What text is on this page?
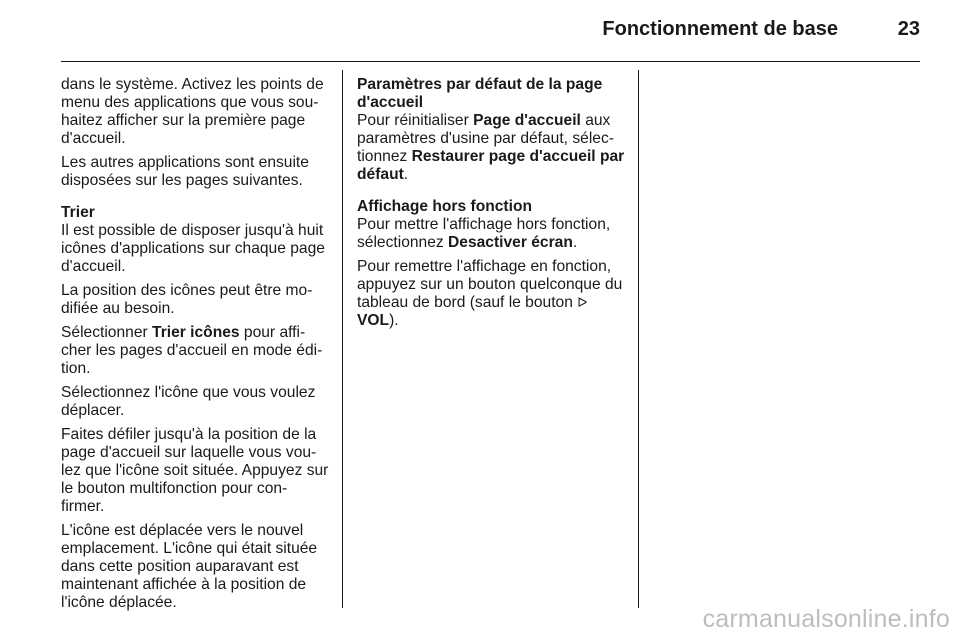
Fonctionnement de base	23

dans le système. Activez les points de menu des applications que vous sou-haitez afficher sur la première page d'accueil.

Les autres applications sont ensuite disposées sur les pages suivantes.

Trier

Il est possible de disposer jusqu'à huit icônes d'applications sur chaque page d'accueil.

La position des icônes peut être mo-difiée au besoin.

Sélectionner Trier icônes pour affi-cher les pages d'accueil en mode édi-tion.

Sélectionnez l'icône que vous voulez déplacer.

Faites défiler jusqu'à la position de la page d'accueil sur laquelle vous vou-lez que l'icône soit située. Appuyez sur le bouton multifonction pour con-firmer.

L'icône est déplacée vers le nouvel emplacement. L'icône qui était située dans cette position auparavant est maintenant affichée à la position de l'icône déplacée.

Paramètres par défaut de la page d'accueil

Pour réinitialiser Page d'accueil aux paramètres d'usine par défaut, sélec-tionnez Restaurer page d'accueil par défaut.

Affichage hors fonction

Pour mettre l'affichage hors fonction, sélectionnez Desactiver écran.

Pour remettre l'affichage en fonction, appuyez sur un bouton quelconque du tableau de bord (sauf le bouton ᐅ VOL).

carmanualsonline.info
